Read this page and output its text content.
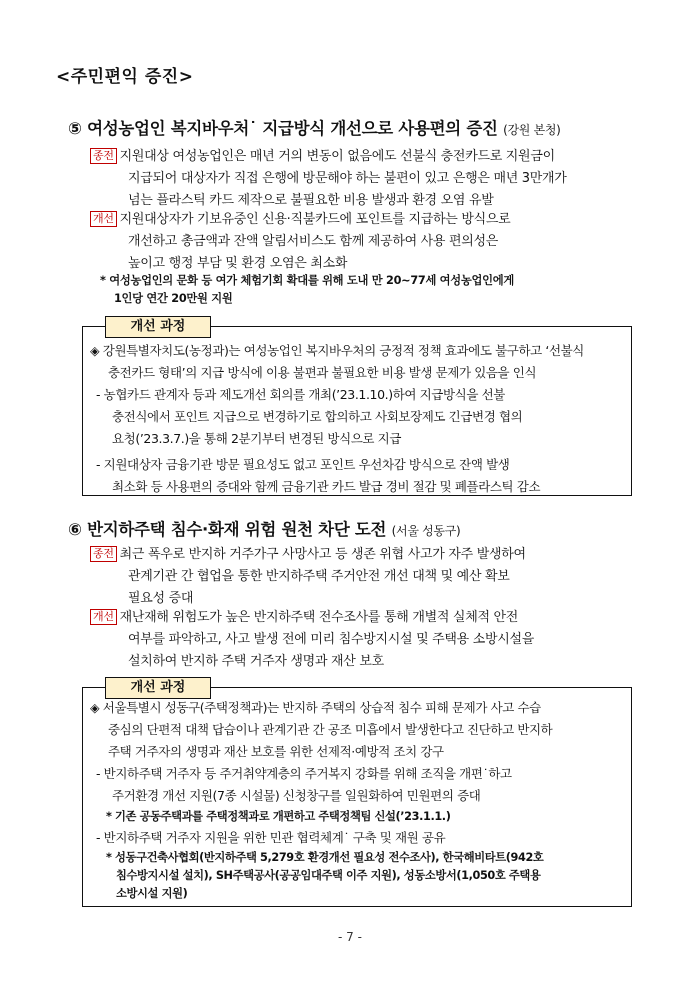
<주민편익 증진>
⑤ 여성농업인 복지바우처˙ 지급방식 개선으로 사용편의 증진 (강원 본청)
종전 지원대상 여성농업인은 매년 거의 변동이 없음에도 선불식 충전카드로 지원금이
지급되어 대상자가 직접 은행에 방문해야 하는 불편이 있고 은행은 매년 3만개가
넘는 플라스틱 카드 제작으로 불필요한 비용 발생과 환경 오염 유발
개선 지원대상자가 기보유중인 신용·직불카드에 포인트를 지급하는 방식으로
개선하고 총금액과 잔액 알림서비스도 함께 제공하여 사용 편의성은
높이고 행정 부담 및 환경 오염은 최소화
* 여성농업인의 문화 등 여가 체험기회 확대를 위해 도내 만 20~77세 여성농업인에게
1인당 연간 20만원 지원
개선 과정
◈ 강원특별자치도(농정과)는 여성농업인 복지바우처의 긍정적 정책 효과에도 불구하고 ‘선불식
충전카드 형태’의 지급 방식에 이용 불편과 불필요한 비용 발생 문제가 있음을 인식
- 농협카드 관계자 등과 제도개선 회의를 개최(’23.1.10.)하여 지급방식을 선불
충전식에서 포인트 지급으로 변경하기로 합의하고 사회보장제도 긴급변경 협의
요청(’23.3.7.)을 통해 2분기부터 변경된 방식으로 지급
- 지원대상자 금융기관 방문 필요성도 없고 포인트 우선차감 방식으로 잔액 발생
최소화 등 사용편의 증대와 함께 금융기관 카드 발급 경비 절감 및 폐플라스틱 감소
⑥ 반지하주택 침수·화재 위험 원천 차단 도전 (서울 성동구)
종전 최근 폭우로 반지하 거주가구 사망사고 등 생존 위협 사고가 자주 발생하여
관계기관 간 협업을 통한 반지하주택 주거안전 개선 대책 및 예산 확보
필요성 증대
개선 재난재해 위험도가 높은 반지하주택 전수조사를 통해 개별적 실체적 안전
여부를 파악하고, 사고 발생 전에 미리 침수방지시설 및 주택용 소방시설을
설치하여 반지하 주택 거주자 생명과 재산 보호
개선 과정
◈ 서울특별시 성동구(주택정책과)는 반지하 주택의 상습적 침수 피해 문제가 사고 수습
중심의 단편적 대책 답습이나 관계기관 간 공조 미흡에서 발생한다고 진단하고 반지하
주택 거주자의 생명과 재산 보호를 위한 선제적·예방적 조치 강구
- 반지하주택 거주자 등 주거취약계층의 주거복지 강화를 위해 조직을 개편˙하고
주거환경 개선 지원(7종 시설물) 신청창구를 일원화하여 민원편의 증대
* 기존 공동주택과를 주택정책과로 개편하고 주택정책팀 신설(’23.1.1.)
- 반지하주택 거주자 지원을 위한 민관 협력체계˙ 구축 및 재원 공유
* 성동구건축사협회(반지하주택 5,279호 환경개선 필요성 전수조사), 한국해비타트(942호
침수방지시설 설치), SH주택공사(공공임대주택 이주 지원), 성동소방서(1,050호 주택용
소방시설 지원)
- 7 -
